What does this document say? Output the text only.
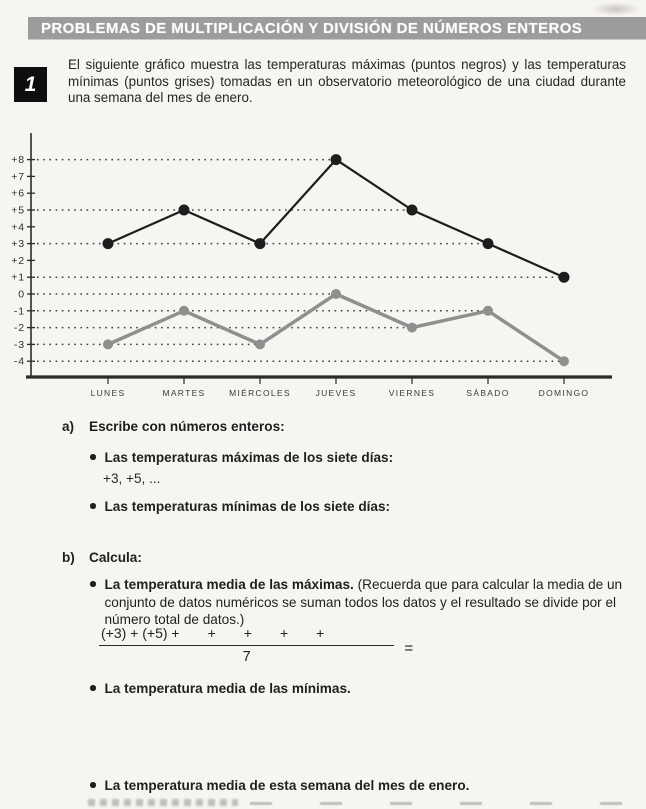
PROBLEMAS DE MULTIPLICACIÓN Y DIVISIÓN DE NÚMEROS ENTEROS
1
El siguiente gráfico muestra las temperaturas máximas (puntos negros) y las temperaturas mínimas (puntos grises) tomadas en un observatorio meteorológico de una ciudad durante una semana del mes de enero.
+8
+7
+6
+5
+4
+3
+2
+1
0
-1
-2
-3
-4
LUNES	MARTES	MIÉRCOLES	JUEVES	VIERNES	SÁBADO	DOMINGO
a)	Escribe con números enteros:
Las temperaturas máximas de los siete días:
+3, +5, ...
Las temperaturas mínimas de los siete días:
b)	Calcula:
La temperatura media de las máximas. (Recuerda que para calcular la media de un conjunto de datos numéricos se suman todos los datos y el resultado se divide por el número total de datos.)
$\frac{(+3) + (+5) + + + + +}{7}$ =
La temperatura media de las mínimas.
La temperatura media de esta semana del mes de enero.
